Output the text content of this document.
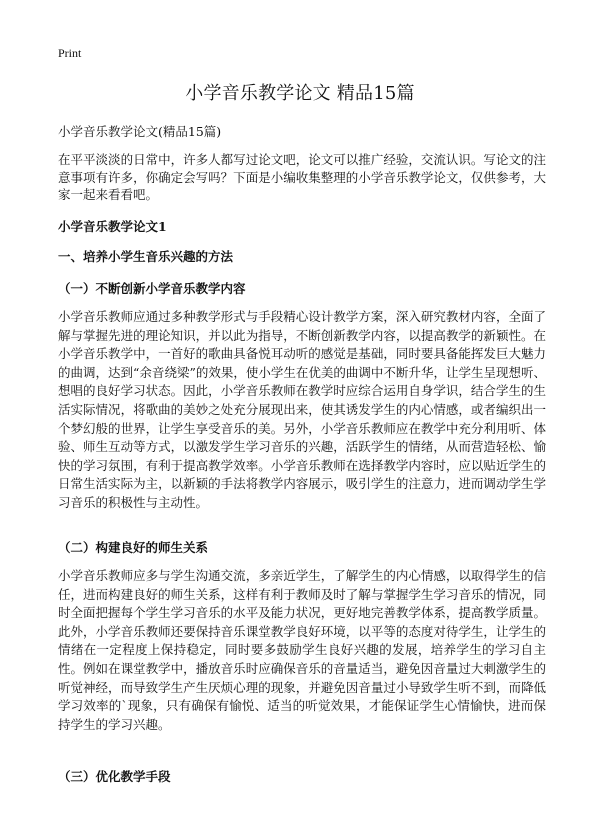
Print
小学音乐教学论文 精品15篇
小学音乐教学论文(精品15篇)

在平平淡淡的日常中，许多人都写过论文吧，论文可以推广经验，交流认识。写论文的注意事项有许多，你确定会写吗？下面是小编收集整理的小学音乐教学论文，仅供参考，大家一起来看看吧。

小学音乐教学论文1
一、培养小学生音乐兴趣的方法
（一）不断创新小学音乐教学内容

小学音乐教师应通过多种教学形式与手段精心设计教学方案，深入研究教材内容，全面了解与掌握先进的理论知识，并以此为指导，不断创新教学内容，以提高教学的新颖性。在小学音乐教学中，一首好的歌曲具备悦耳动听的感觉是基础，同时要具备能挥发巨大魅力的曲调，达到“余音绕梁”的效果，使小学生在优美的曲调中不断升华，让学生呈现想听、想唱的良好学习状态。因此，小学音乐教师在教学时应综合运用自身学识，结合学生的生活实际情况，将歌曲的美妙之处充分展现出来，使其诱发学生的内心情感，或者编织出一个梦幻般的世界，让学生享受音乐的美。另外，小学音乐教师应在教学中充分利用听、体验、师生互动等方式，以激发学生学习音乐的兴趣，活跃学生的情绪，从而营造轻松、愉快的学习氛围，有利于提高教学效率。小学音乐教师在选择教学内容时，应以贴近学生的日常生活实际为主，以新颖的手法将教学内容展示，吸引学生的注意力，进而调动学生学习音乐的积极性与主动性。

（二）构建良好的师生关系

小学音乐教师应多与学生沟通交流，多亲近学生，了解学生的内心情感，以取得学生的信任，进而构建良好的师生关系，这样有利于教师及时了解与掌握学生学习音乐的情况，同时全面把握每个学生学习音乐的水平及能力状况，更好地完善教学体系，提高教学质量。此外，小学音乐教师还要保持音乐课堂教学良好环境，以平等的态度对待学生，让学生的情绪在一定程度上保持稳定，同时要多鼓励学生良好兴趣的发展，培养学生的学习自主性。例如在课堂教学中，播放音乐时应确保音乐的音量适当，避免因音量过大刺激学生的听觉神经，而导致学生产生厌烦心理的现象，并避免因音量过小导致学生听不到，而降低学习效率的`现象，只有确保有愉悦、适当的听觉效果，才能保证学生心情愉快，进而保持学生的学习兴趣。

（三）优化教学手段
